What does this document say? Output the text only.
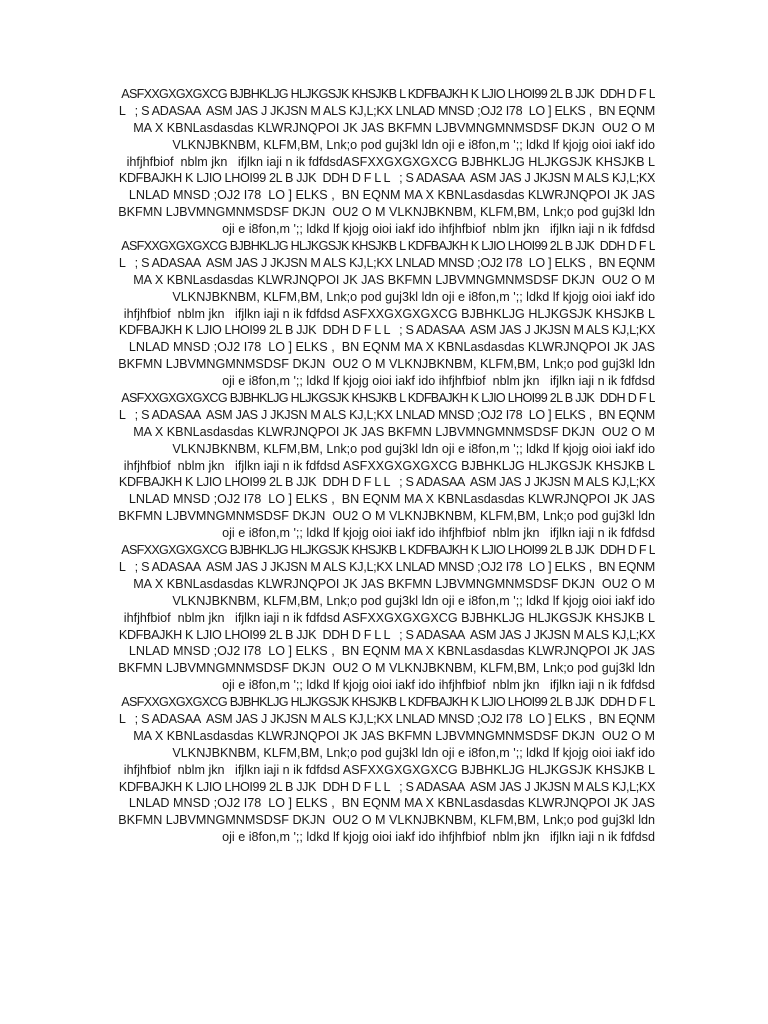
ASFXXGXGXGXCG BJBHKLJG HLJKGSJK KHSJKB L KDFBAJKH K LJIO LHOI99 2L B JJK  DDH D F L
L   ; S ADASAA  ASM JAS J JKJSN M ALS KJ,L;KX LNLAD MNSD ;OJ2 I78  LO ] ELKS ,  BN EQNM
MA X KBNLasdasdas KLWRJNQPOI JK JAS BKFMN LJBVMNGMNMSDSF DKJN  OU2 O M
VLKNJBKNBM, KLFM,BM, Lnk;o pod guj3kl ldn oji e i8fon,m ';; ldkd lf kjojg oioi iakf ido
ihfjhfbiof  nblm jkn   ifjlkn iaji n ik fdfdsdASFXXGXGXGXCG BJBHKLJG HLJKGSJK KHSJKB L
KDFBAJKH K LJIO LHOI99 2L B JJK  DDH D F L L   ; S ADASAA  ASM JAS J JKJSN M ALS KJ,L;KX
LNLAD MNSD ;OJ2 I78  LO ] ELKS ,  BN EQNM MA X KBNLasdasdas KLWRJNQPOI JK JAS
BKFMN LJBVMNGMNMSDSF DKJN  OU2 O M VLKNJBKNBM, KLFM,BM, Lnk;o pod guj3kl ldn
oji e i8fon,m ';; ldkd lf kjojg oioi iakf ido ihfjhfbiof  nblm jkn   ifjlkn iaji n ik fdfdsd
ASFXXGXGXGXCG BJBHKLJG HLJKGSJK KHSJKB L KDFBAJKH K LJIO LHOI99 2L B JJK  DDH D F L
L   ; S ADASAA  ASM JAS J JKJSN M ALS KJ,L;KX LNLAD MNSD ;OJ2 I78  LO ] ELKS ,  BN EQNM
MA X KBNLasdasdas KLWRJNQPOI JK JAS BKFMN LJBVMNGMNMSDSF DKJN  OU2 O M
VLKNJBKNBM, KLFM,BM, Lnk;o pod guj3kl ldn oji e i8fon,m ';; ldkd lf kjojg oioi iakf ido
ihfjhfbiof  nblm jkn   ifjlkn iaji n ik fdfdsd ASFXXGXGXGXCG BJBHKLJG HLJKGSJK KHSJKB L
KDFBAJKH K LJIO LHOI99 2L B JJK  DDH D F L L   ; S ADASAA  ASM JAS J JKJSN M ALS KJ,L;KX
LNLAD MNSD ;OJ2 I78  LO ] ELKS ,  BN EQNM MA X KBNLasdasdas KLWRJNQPOI JK JAS
BKFMN LJBVMNGMNMSDSF DKJN  OU2 O M VLKNJBKNBM, KLFM,BM, Lnk;o pod guj3kl ldn
oji e i8fon,m ';; ldkd lf kjojg oioi iakf ido ihfjhfbiof  nblm jkn   ifjlkn iaji n ik fdfdsd
ASFXXGXGXGXCG BJBHKLJG HLJKGSJK KHSJKB L KDFBAJKH K LJIO LHOI99 2L B JJK  DDH D F L
L   ; S ADASAA  ASM JAS J JKJSN M ALS KJ,L;KX LNLAD MNSD ;OJ2 I78  LO ] ELKS ,  BN EQNM
MA X KBNLasdasdas KLWRJNQPOI JK JAS BKFMN LJBVMNGMNMSDSF DKJN  OU2 O M
VLKNJBKNBM, KLFM,BM, Lnk;o pod guj3kl ldn oji e i8fon,m ';; ldkd lf kjojg oioi iakf ido
ihfjhfbiof  nblm jkn   ifjlkn iaji n ik fdfdsd ASFXXGXGXGXCG BJBHKLJG HLJKGSJK KHSJKB L
KDFBAJKH K LJIO LHOI99 2L B JJK  DDH D F L L   ; S ADASAA  ASM JAS J JKJSN M ALS KJ,L;KX
LNLAD MNSD ;OJ2 I78  LO ] ELKS ,  BN EQNM MA X KBNLasdasdas KLWRJNQPOI JK JAS
BKFMN LJBVMNGMNMSDSF DKJN  OU2 O M VLKNJBKNBM, KLFM,BM, Lnk;o pod guj3kl ldn
oji e i8fon,m ';; ldkd lf kjojg oioi iakf ido ihfjhfbiof  nblm jkn   ifjlkn iaji n ik fdfdsd
ASFXXGXGXGXCG BJBHKLJG HLJKGSJK KHSJKB L KDFBAJKH K LJIO LHOI99 2L B JJK  DDH D F L
L   ; S ADASAA  ASM JAS J JKJSN M ALS KJ,L;KX LNLAD MNSD ;OJ2 I78  LO ] ELKS ,  BN EQNM
MA X KBNLasdasdas KLWRJNQPOI JK JAS BKFMN LJBVMNGMNMSDSF DKJN  OU2 O M
VLKNJBKNBM, KLFM,BM, Lnk;o pod guj3kl ldn oji e i8fon,m ';; ldkd lf kjojg oioi iakf ido
ihfjhfbiof  nblm jkn   ifjlkn iaji n ik fdfdsd ASFXXGXGXGXCG BJBHKLJG HLJKGSJK KHSJKB L
KDFBAJKH K LJIO LHOI99 2L B JJK  DDH D F L L   ; S ADASAA  ASM JAS J JKJSN M ALS KJ,L;KX
LNLAD MNSD ;OJ2 I78  LO ] ELKS ,  BN EQNM MA X KBNLasdasdas KLWRJNQPOI JK JAS
BKFMN LJBVMNGMNMSDSF DKJN  OU2 O M VLKNJBKNBM, KLFM,BM, Lnk;o pod guj3kl ldn
oji e i8fon,m ';; ldkd lf kjojg oioi iakf ido ihfjhfbiof  nblm jkn   ifjlkn iaji n ik fdfdsd
ASFXXGXGXGXCG BJBHKLJG HLJKGSJK KHSJKB L KDFBAJKH K LJIO LHOI99 2L B JJK  DDH D F L
L   ; S ADASAA  ASM JAS J JKJSN M ALS KJ,L;KX LNLAD MNSD ;OJ2 I78  LO ] ELKS ,  BN EQNM
MA X KBNLasdasdas KLWRJNQPOI JK JAS BKFMN LJBVMNGMNMSDSF DKJN  OU2 O M
VLKNJBKNBM, KLFM,BM, Lnk;o pod guj3kl ldn oji e i8fon,m ';; ldkd lf kjojg oioi iakf ido
ihfjhfbiof  nblm jkn   ifjlkn iaji n ik fdfdsd ASFXXGXGXGXCG BJBHKLJG HLJKGSJK KHSJKB L
KDFBAJKH K LJIO LHOI99 2L B JJK  DDH D F L L   ; S ADASAA  ASM JAS J JKJSN M ALS KJ,L;KX
LNLAD MNSD ;OJ2 I78  LO ] ELKS ,  BN EQNM MA X KBNLasdasdas KLWRJNQPOI JK JAS
BKFMN LJBVMNGMNMSDSF DKJN  OU2 O M VLKNJBKNBM, KLFM,BM, Lnk;o pod guj3kl ldn
oji e i8fon,m ';; ldkd lf kjojg oioi iakf ido ihfjhfbiof  nblm jkn   ifjlkn iaji n ik fdfdsd
